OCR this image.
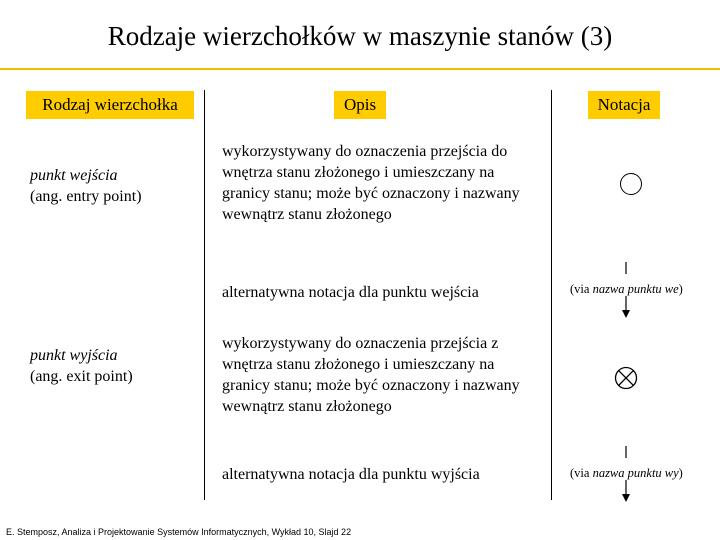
Rodzaje wierzchołków w maszynie stanów (3)
Rodzaj wierzchołka	Opis	Notacja
punkt wejścia
(ang. entry point)
wykorzystywany do oznaczenia przejścia do wnętrza stanu złożonego i umieszczany na granicy stanu; może być oznaczony i nazwany wewnątrz stanu złożonego
alternatywna notacja dla punktu wejścia	(via nazwa punktu we)
punkt wyjścia
(ang. exit point)
wykorzystywany do oznaczenia przejścia z wnętrza stanu złożonego i umieszczany na granicy stanu; może być oznaczony i nazwany wewnątrz stanu złożonego
alternatywna notacja dla punktu wyjścia	(via nazwa punktu wy)
E. Stemposz, Analiza i Projektowanie Systemów Informatycznych, Wykład 10, Slajd 22
